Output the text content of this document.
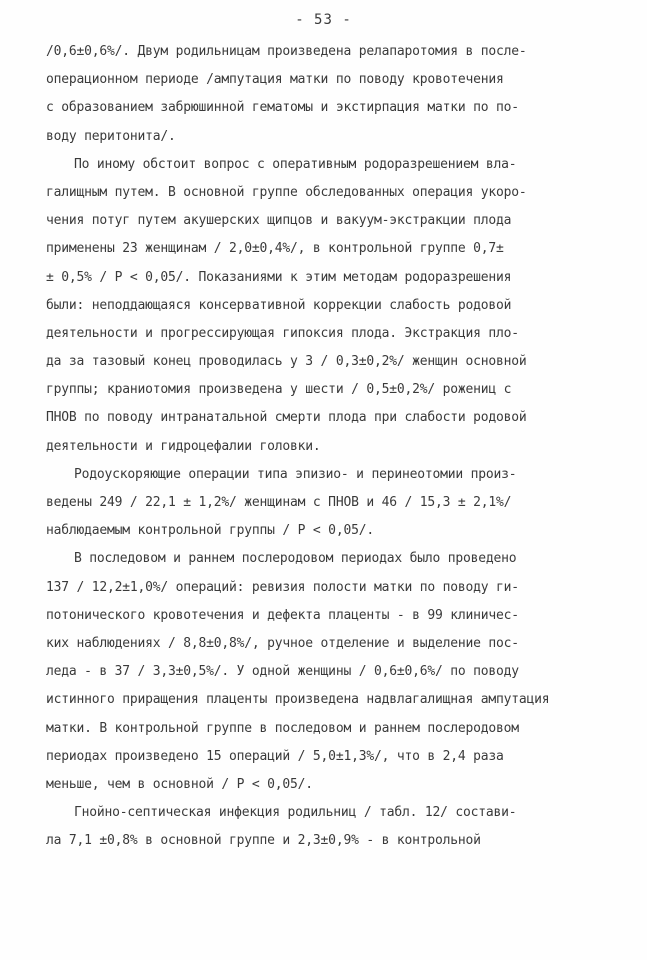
- 53 -
/0,6±0,6%/. Двум родильницам произведена релапаротомия в после-
операционном периоде /ампутация матки по поводу кровотечения
с образованием забрюшинной гематомы и экстирпация матки по по-
воду перитонита/.
По иному обстоит вопрос с оперативным родоразрешением вла-
галищным путем. В основной группе обследованных операция укоро-
чения потуг путем акушерских щипцов и вакуум-экстракции плода
применены 23 женщинам / 2,0±0,4%/, в контрольной группе 0,7±
± 0,5% / P < 0,05/. Показаниями к этим методам родоразрешения
были: неподдающаяся консервативной коррекции слабость родовой
деятельности и прогрессирующая гипоксия плода. Экстракция пло-
да за тазовый конец проводилась у 3 / 0,3±0,2%/ женщин основной
группы; краниотомия произведена у шести / 0,5±0,2%/ рожениц с
ПНОВ по поводу интранатальной смерти плода при слабости родовой
деятельности и гидроцефалии головки.
Родоускоряющие операции типа эпизио- и перинеотомии произ-
ведены 249 / 22,1 ± 1,2%/ женщинам с ПНОВ и 46 / 15,3 ± 2,1%/
наблюдаемым контрольной группы / P < 0,05/.
В последовом и раннем послеродовом периодах было проведено
137 / 12,2±1,0%/ операций: ревизия полости матки по поводу ги-
потонического кровотечения и дефекта плаценты - в 99 клиничес-
ких наблюдениях / 8,8±0,8%/, ручное отделение и выделение пос-
леда - в 37 / 3,3±0,5%/. У одной женщины / 0,6±0,6%/ по поводу
истинного приращения плаценты произведена надвлагалищная ампутация
матки. В контрольной группе в последовом и раннем послеродовом
периодах произведено 15 операций / 5,0±1,3%/, что в 2,4 раза
меньше, чем в основной / P < 0,05/.
Гнойно-септическая инфекция родильниц / табл. 12/ состави-
ла 7,1 ±0,8% в основной группе и 2,3±0,9% - в контрольной
